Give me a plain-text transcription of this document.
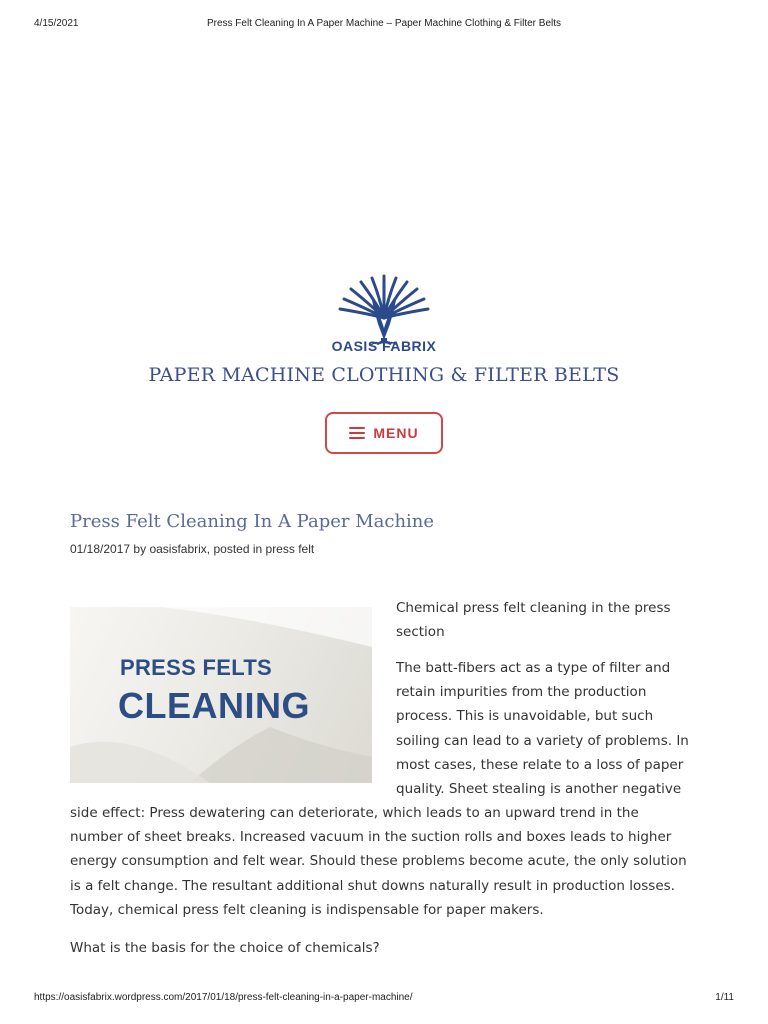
4/15/2021	Press Felt Cleaning In A Paper Machine – Paper Machine Clothing & Filter Belts
OASIS FABRIX
PAPER MACHINE CLOTHING & FILTER BELTS
MENU
Press Felt Cleaning In A Paper Machine
01/18/2017 by oasisfabrix, posted in press felt
PRESS FELTS
CLEANING
Chemical press felt cleaning in the press section
The batt-fibers act as a type of filter and
retain impurities from the production
process. This is unavoidable, but such
soiling can lead to a variety of problems. In
most cases, these relate to a loss of paper
quality. Sheet stealing is another negative
side effect: Press dewatering can deteriorate, which leads to an upward trend in the
number of sheet breaks. Increased vacuum in the suction rolls and boxes leads to higher
energy consumption and felt wear. Should these problems become acute, the only solution
is a felt change. The resultant additional shut downs naturally result in production losses.
Today, chemical press felt cleaning is indispensable for paper makers.
What is the basis for the choice of chemicals?
https://oasisfabrix.wordpress.com/2017/01/18/press-felt-cleaning-in-a-paper-machine/	1/11
